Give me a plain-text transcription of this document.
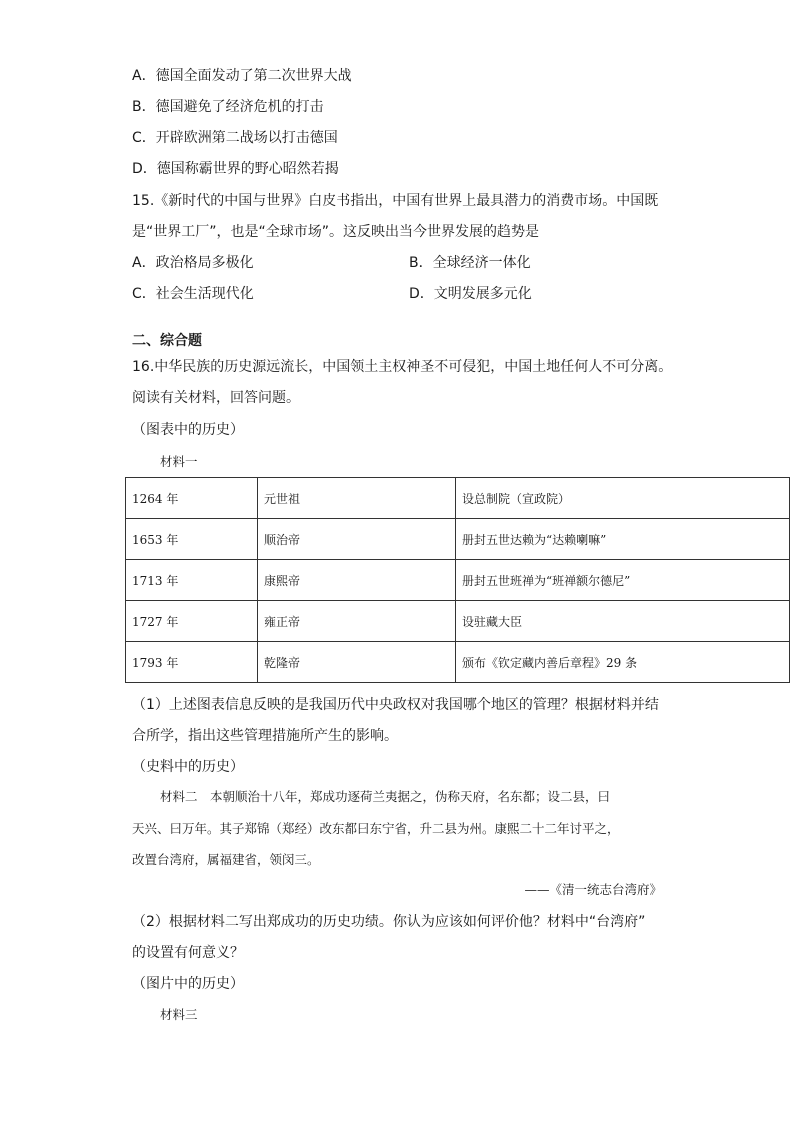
A．德国全面发动了第二次世界大战
B．德国避免了经济危机的打击
C．开辟欧洲第二战场以打击德国
D．德国称霸世界的野心昭然若揭
15.《新时代的中国与世界》白皮书指出，中国有世界上最具潜力的消费市场。中国既
是“世界工厂”，也是“全球市场”。这反映出当今世界发展的趋势是
A．政治格局多极化	B．全球经济一体化
C．社会生活现代化	D．文明发展多元化
二、综合题
16.中华民族的历史源远流长，中国领土主权神圣不可侵犯，中国土地任何人不可分离。
阅读有关材料，回答问题。
（图表中的历史）
材料一
1264 年	元世祖	设总制院（宣政院）
1653 年	顺治帝	册封五世达赖为“达赖喇嘛”
1713 年	康熙帝	册封五世班禅为“班禅额尔德尼”
1727 年	雍正帝	设驻藏大臣
1793 年	乾隆帝	颁布《钦定藏内善后章程》29 条
（1）上述图表信息反映的是我国历代中央政权对我国哪个地区的管理？根据材料并结
合所学，指出这些管理措施所产生的影响。
（史料中的历史）
材料二　本朝顺治十八年，郑成功逐荷兰夷据之，伪称天府，名东都；设二县，曰
天兴、曰万年。其子郑锦（郑经）改东都曰东宁省，升二县为州。康熙二十二年讨平之，
改置台湾府，属福建省，领闵三。
——《清一统志台湾府》
（2）根据材料二写出郑成功的历史功绩。你认为应该如何评价他？材料中“台湾府”
的设置有何意义？
（图片中的历史）
材料三
